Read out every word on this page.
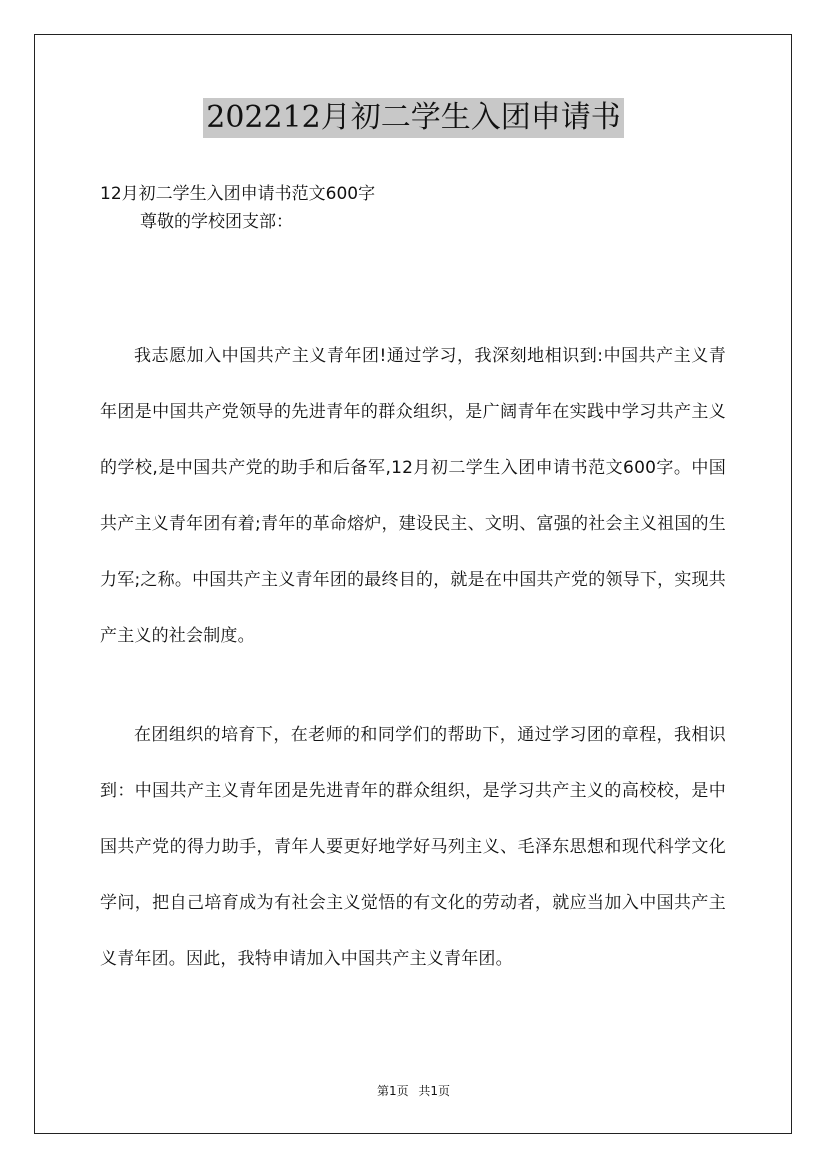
202212月初二学生入团申请书
12月初二学生入团申请书范文600字
尊敬的学校团支部：
我志愿加入中国共产主义青年团!通过学习，我深刻地相识到:中国共产主义青年团是中国共产党领导的先进青年的群众组织，是广阔青年在实践中学习共产主义的学校,是中国共产党的助手和后备军,12月初二学生入团申请书范文600字。中国共产主义青年团有着;青年的革命熔炉，建设民主、文明、富强的社会主义祖国的生力军;之称。中国共产主义青年团的最终目的，就是在中国共产党的领导下，实现共产主义的社会制度。
在团组织的培育下，在老师的和同学们的帮助下，通过学习团的章程，我相识到：中国共产主义青年团是先进青年的群众组织，是学习共产主义的高校校，是中国共产党的得力助手，青年人要更好地学好马列主义、毛泽东思想和现代科学文化学问，把自己培育成为有社会主义觉悟的有文化的劳动者，就应当加入中国共产主义青年团。因此，我特申请加入中国共产主义青年团。
第1页 共1页
